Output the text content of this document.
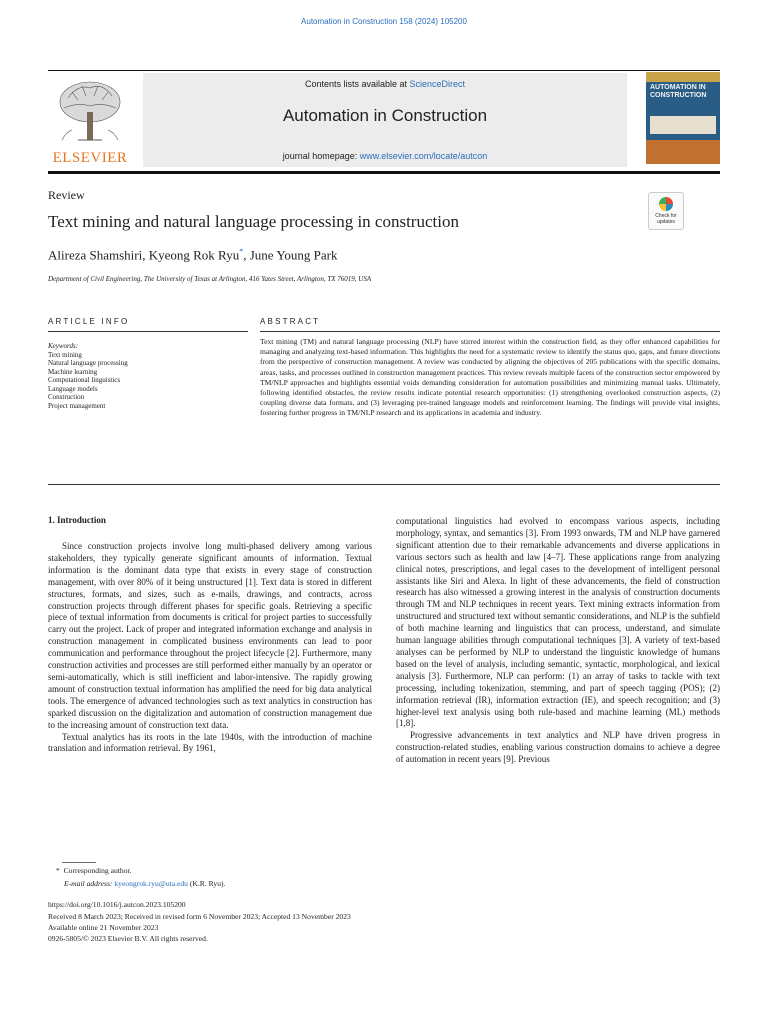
Automation in Construction 158 (2024) 105200
ELSEVIER
Contents lists available at ScienceDirect
Automation in Construction
journal homepage: www.elsevier.com/locate/autcon
AUTOMATION IN CONSTRUCTION
Review
Text mining and natural language processing in construction
Alireza Shamshiri, Kyeong Rok Ryu*, June Young Park
Department of Civil Engineering, The University of Texas at Arlington, 416 Yates Street, Arlington, TX 76019, USA
Check for updates
ARTICLE INFO	ABSTRACT
Keywords:
Text mining
Natural language processing
Machine learning
Computational linguistics
Language models
Construction
Project management
Text mining (TM) and natural language processing (NLP) have stirred interest within the construction field, as they offer enhanced capabilities for managing and analyzing text-based information. This highlights the need for a systematic review to identify the status quo, gaps, and future directions from the perspective of construction management. A review was conducted by aligning the objectives of 205 publications with the specific domains, areas, tasks, and processes outlined in construction management practices. This review reveals multiple facets of the construction sector empowered by TM/NLP approaches and highlights essential voids demanding consideration for automation possibilities and minimizing manual tasks. Ultimately, following identified obstacles, the review results indicate potential research opportunities: (1) strengthening overlooked construction aspects, (2) coupling diverse data formats, and (3) leveraging pre-trained language models and reinforcement learning. The findings will provide vital insights, fostering further progress in TM/NLP research and its applications in academia and industry.
1. Introduction

Since construction projects involve long multi-phased delivery among various stakeholders, they typically generate significant amounts of information. Textual information is the dominant data type that exists in every stage of construction management, with over 80% of it being unstructured [1]. Text data is stored in different structures, formats, and sizes, such as e-mails, drawings, and contracts, across construction projects through different phases for specific goals. Retrieving a specific piece of textual information from documents is critical for project parties to successfully carry out the project. Lack of proper and integrated information exchange and analysis in construction management in complicated business environments can lead to poor communication and performance throughout the project lifecycle [2]. Furthermore, many construction activities and processes are still performed either manually by an operator or semi-automatically, which is still inefficient and labor-intensive. The rapidly growing amount of construction textual information has amplified the need for big data analytical tools. The emergence of advanced technologies such as text analytics in construction has sparked discussion on the digitalization and automation of construction management due to the increasing amount of construction text data.

Textual analytics has its roots in the late 1940s, with the introduction of machine translation and information retrieval. By 1961,

computational linguistics had evolved to encompass various aspects, including morphology, syntax, and semantics [3]. From 1993 onwards, TM and NLP have garnered significant attention due to their remarkable advancements and diverse applications in various sectors such as health and law [4–7]. These applications range from analyzing clinical notes, prescriptions, and legal cases to the development of intelligent personal assistants like Siri and Alexa. In light of these advancements, the field of construction research has also witnessed a growing interest in the analysis of construction documents through TM and NLP techniques in recent years. Text mining extracts information from unstructured and structured text without semantic considerations, and NLP is the subfield of both machine learning and linguistics that can process, understand, and simulate human language abilities through computational techniques [3]. A variety of text-based analyses can be performed by NLP to understand the linguistic knowledge of humans based on the level of analysis, including semantic, syntactic, morphological, and lexical analysis [3]. Furthermore, NLP can perform: (1) an array of tasks to tackle with text processing, including tokenization, stemming, and part of speech tagging (POS); (2) information retrieval (IR), information extraction (IE), and speech recognition; and (3) higher-level text analysis using both rule-based and machine learning (ML) methods [1,8].

Progressive advancements in text analytics and NLP have driven progress in construction-related studies, enabling various construction domains to achieve a degree of automation in recent years [9]. Previous

* Corresponding author.
E-mail address: kyeongrok.ryu@uta.edu (K.R. Ryu).
https://doi.org/10.1016/j.autcon.2023.105200
Received 8 March 2023; Received in revised form 6 November 2023; Accepted 13 November 2023
Available online 21 November 2023
0926-5805/© 2023 Elsevier B.V. All rights reserved.
